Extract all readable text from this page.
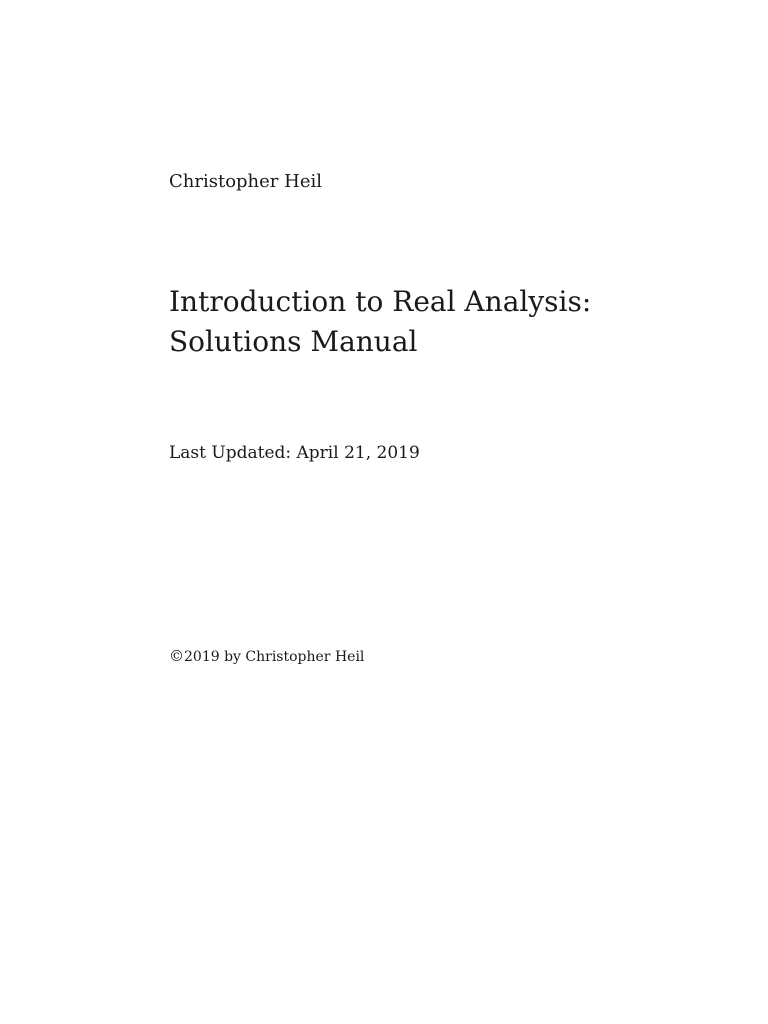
Christopher Heil
Introduction to Real Analysis:
Solutions Manual
Last Updated: April 21, 2019
©2019 by Christopher Heil
